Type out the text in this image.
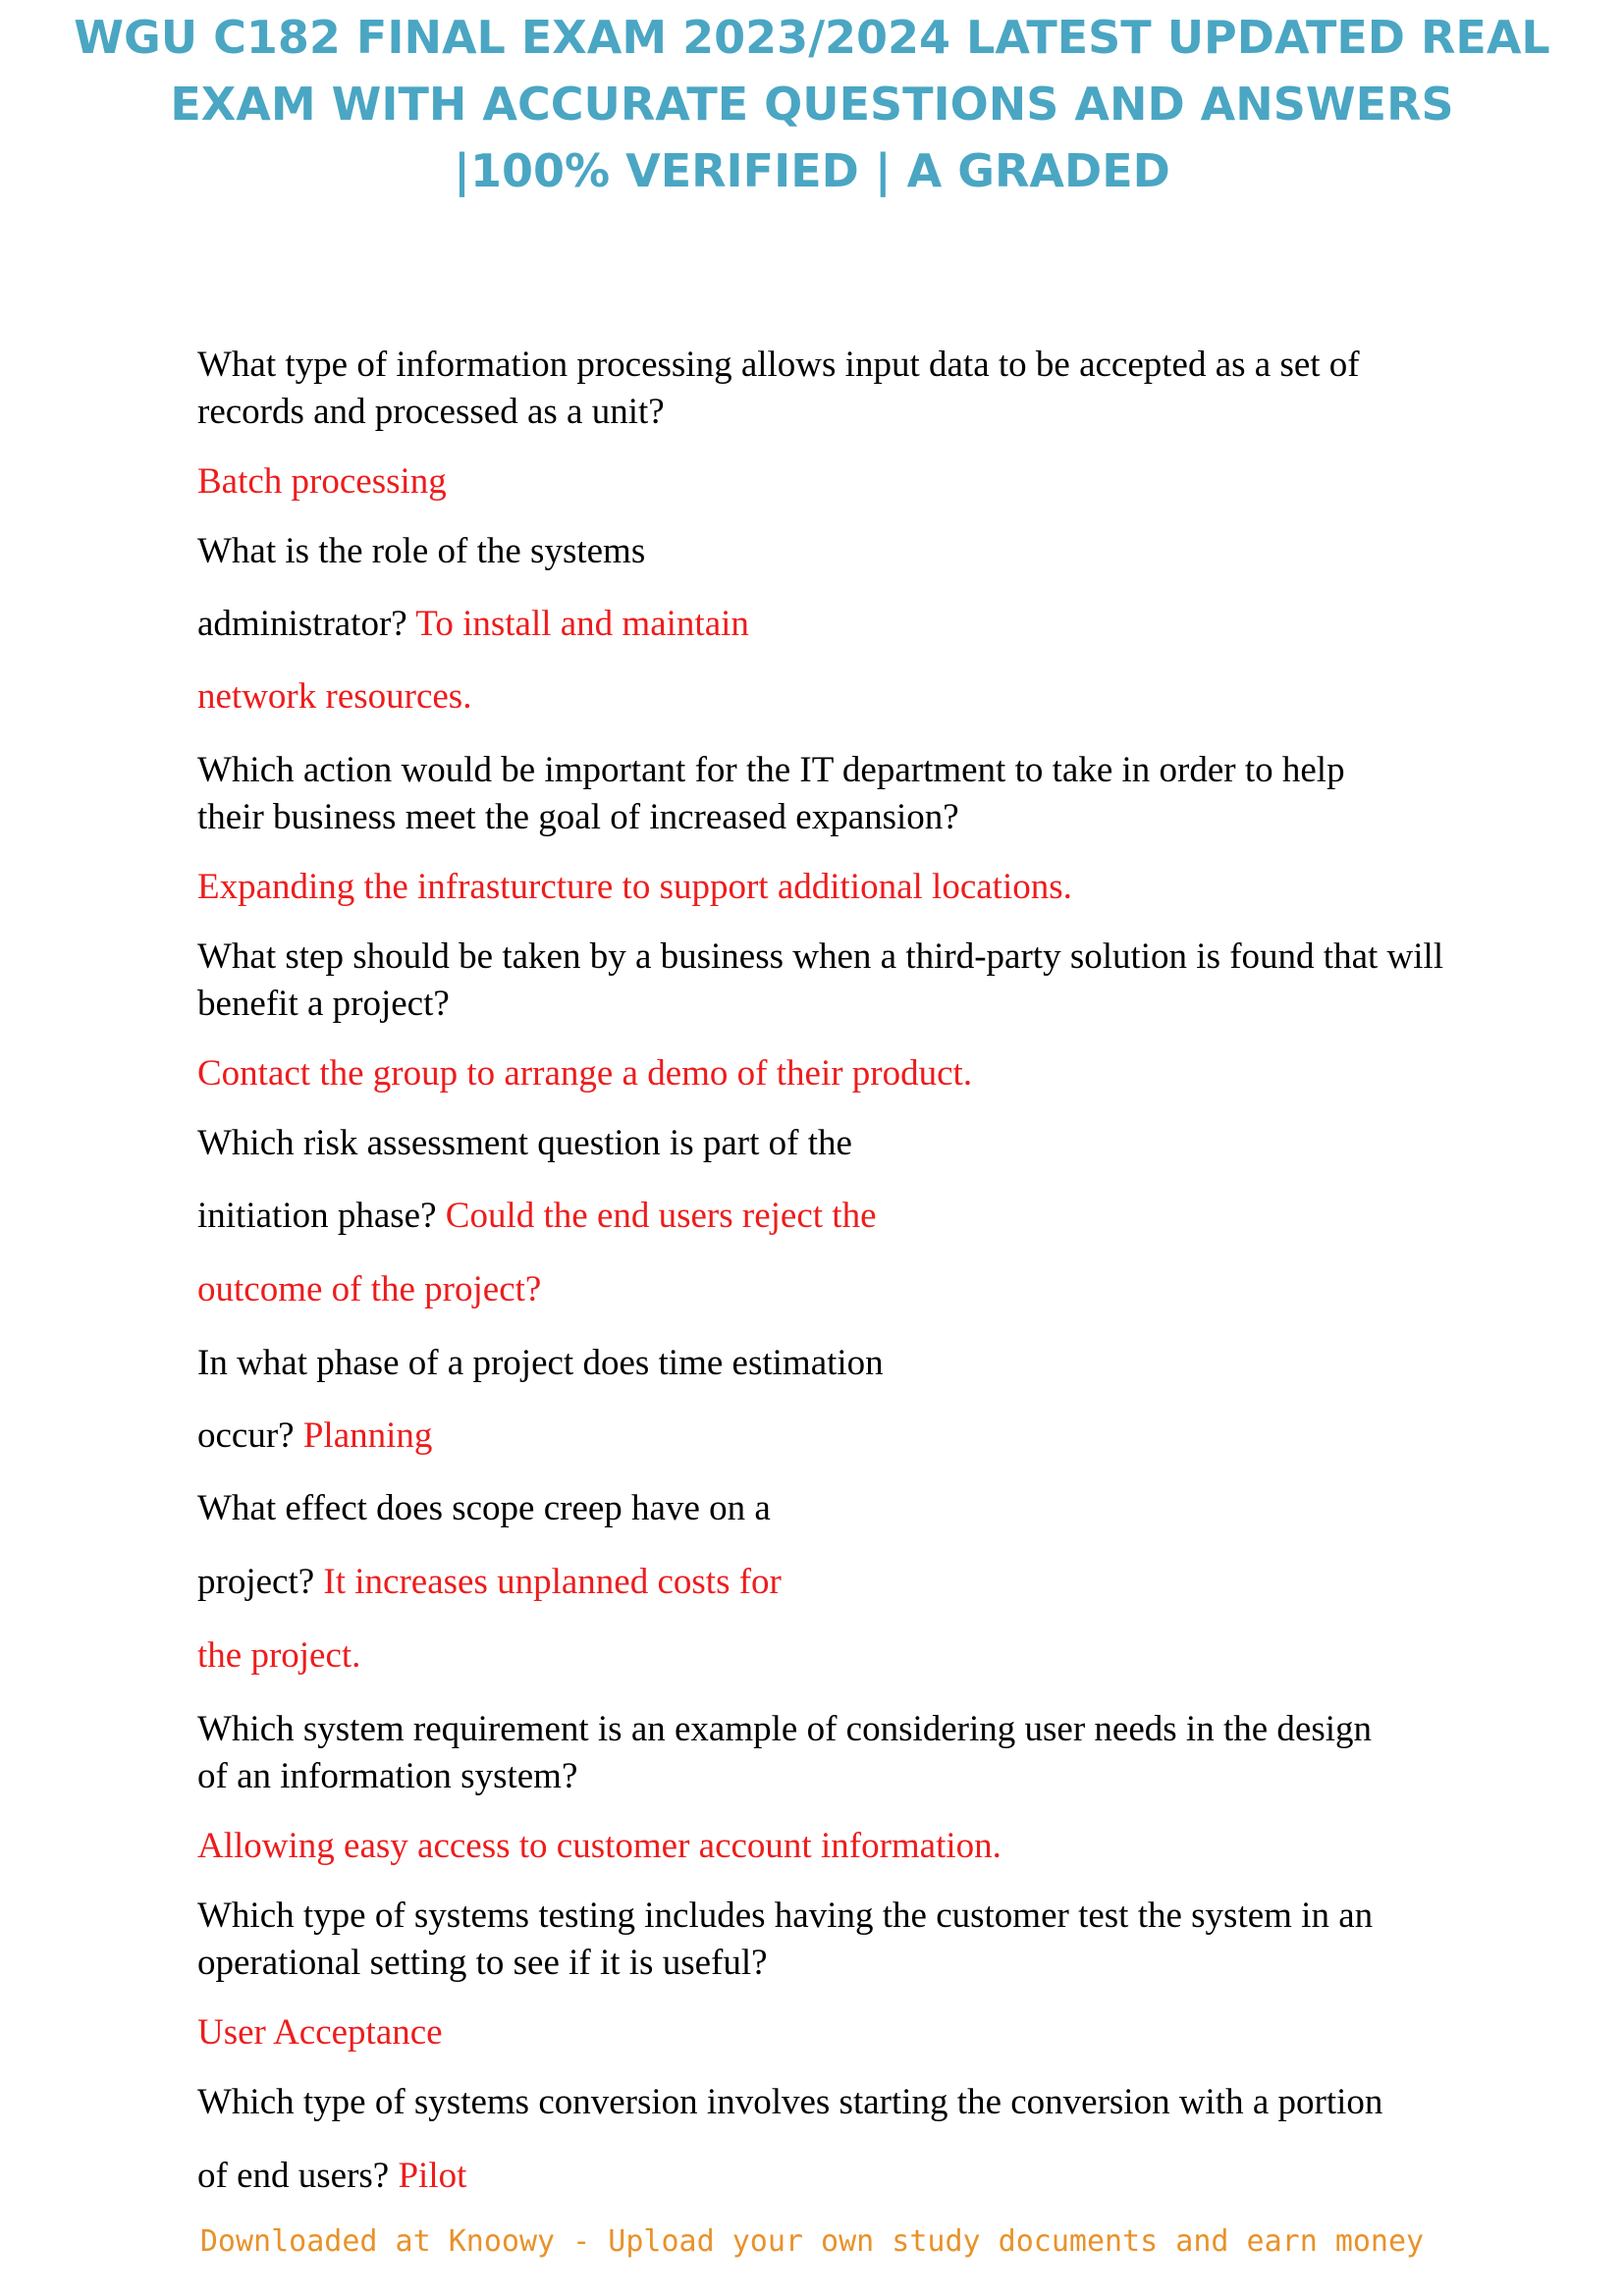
WGU C182 FINAL EXAM 2023/2024 LATEST UPDATED REAL
EXAM WITH ACCURATE QUESTIONS AND ANSWERS
|100% VERIFIED | A GRADED
What type of information processing allows input data to be accepted as a set of
records and processed as a unit?
Batch processing
What is the role of the systems
administrator? To install and maintain
network resources.
Which action would be important for the IT department to take in order to help
their business meet the goal of increased expansion?
Expanding the infrasturcture to support additional locations.
What step should be taken by a business when a third-party solution is found that will
benefit a project?
Contact the group to arrange a demo of their product.
Which risk assessment question is part of the
initiation phase? Could the end users reject the
outcome of the project?
In what phase of a project does time estimation
occur? Planning
What effect does scope creep have on a
project? It increases unplanned costs for
the project.
Which system requirement is an example of considering user needs in the design
of an information system?
Allowing easy access to customer account information.
Which type of systems testing includes having the customer test the system in an
operational setting to see if it is useful?
User Acceptance
Which type of systems conversion involves starting the conversion with a portion
of end users? Pilot
Downloaded at Knoowy - Upload your own study documents and earn money
